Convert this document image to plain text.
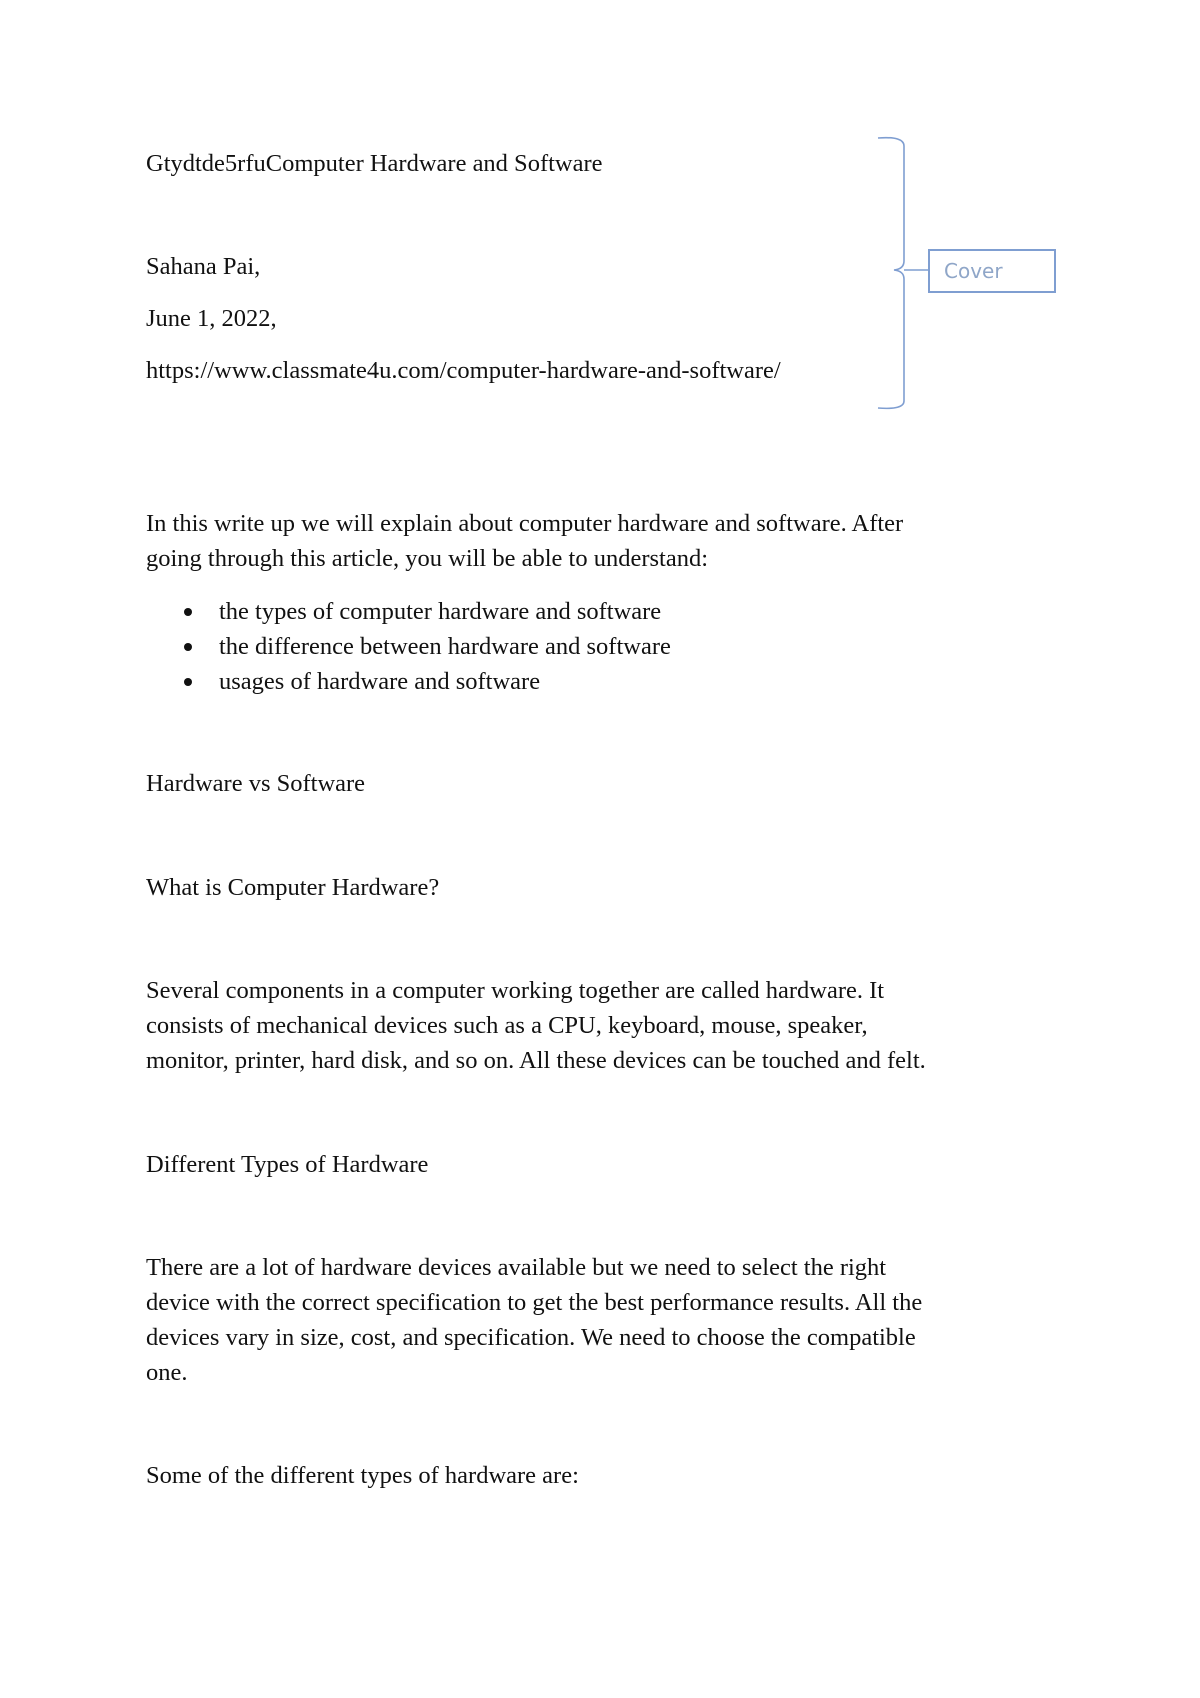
Gtydtde5rfuComputer Hardware and Software
Sahana Pai,
June 1, 2022,
https://www.classmate4u.com/computer-hardware-and-software/
Cover

In this write up we will explain about computer hardware and software. After

going through this article, you will be able to understand:

the types of computer hardware and software
the difference between hardware and software
usages of hardware and software
Hardware vs Software
What is Computer Hardware?

Several components in a computer working together are called hardware. It

consists of mechanical devices such as a CPU, keyboard, mouse, speaker,

monitor, printer, hard disk, and so on. All these devices can be touched and felt.

Different Types of Hardware

There are a lot of hardware devices available but we need to select the right

device with the correct specification to get the best performance results. All the

devices vary in size, cost, and specification. We need to choose the compatible

one.

Some of the different types of hardware are:
